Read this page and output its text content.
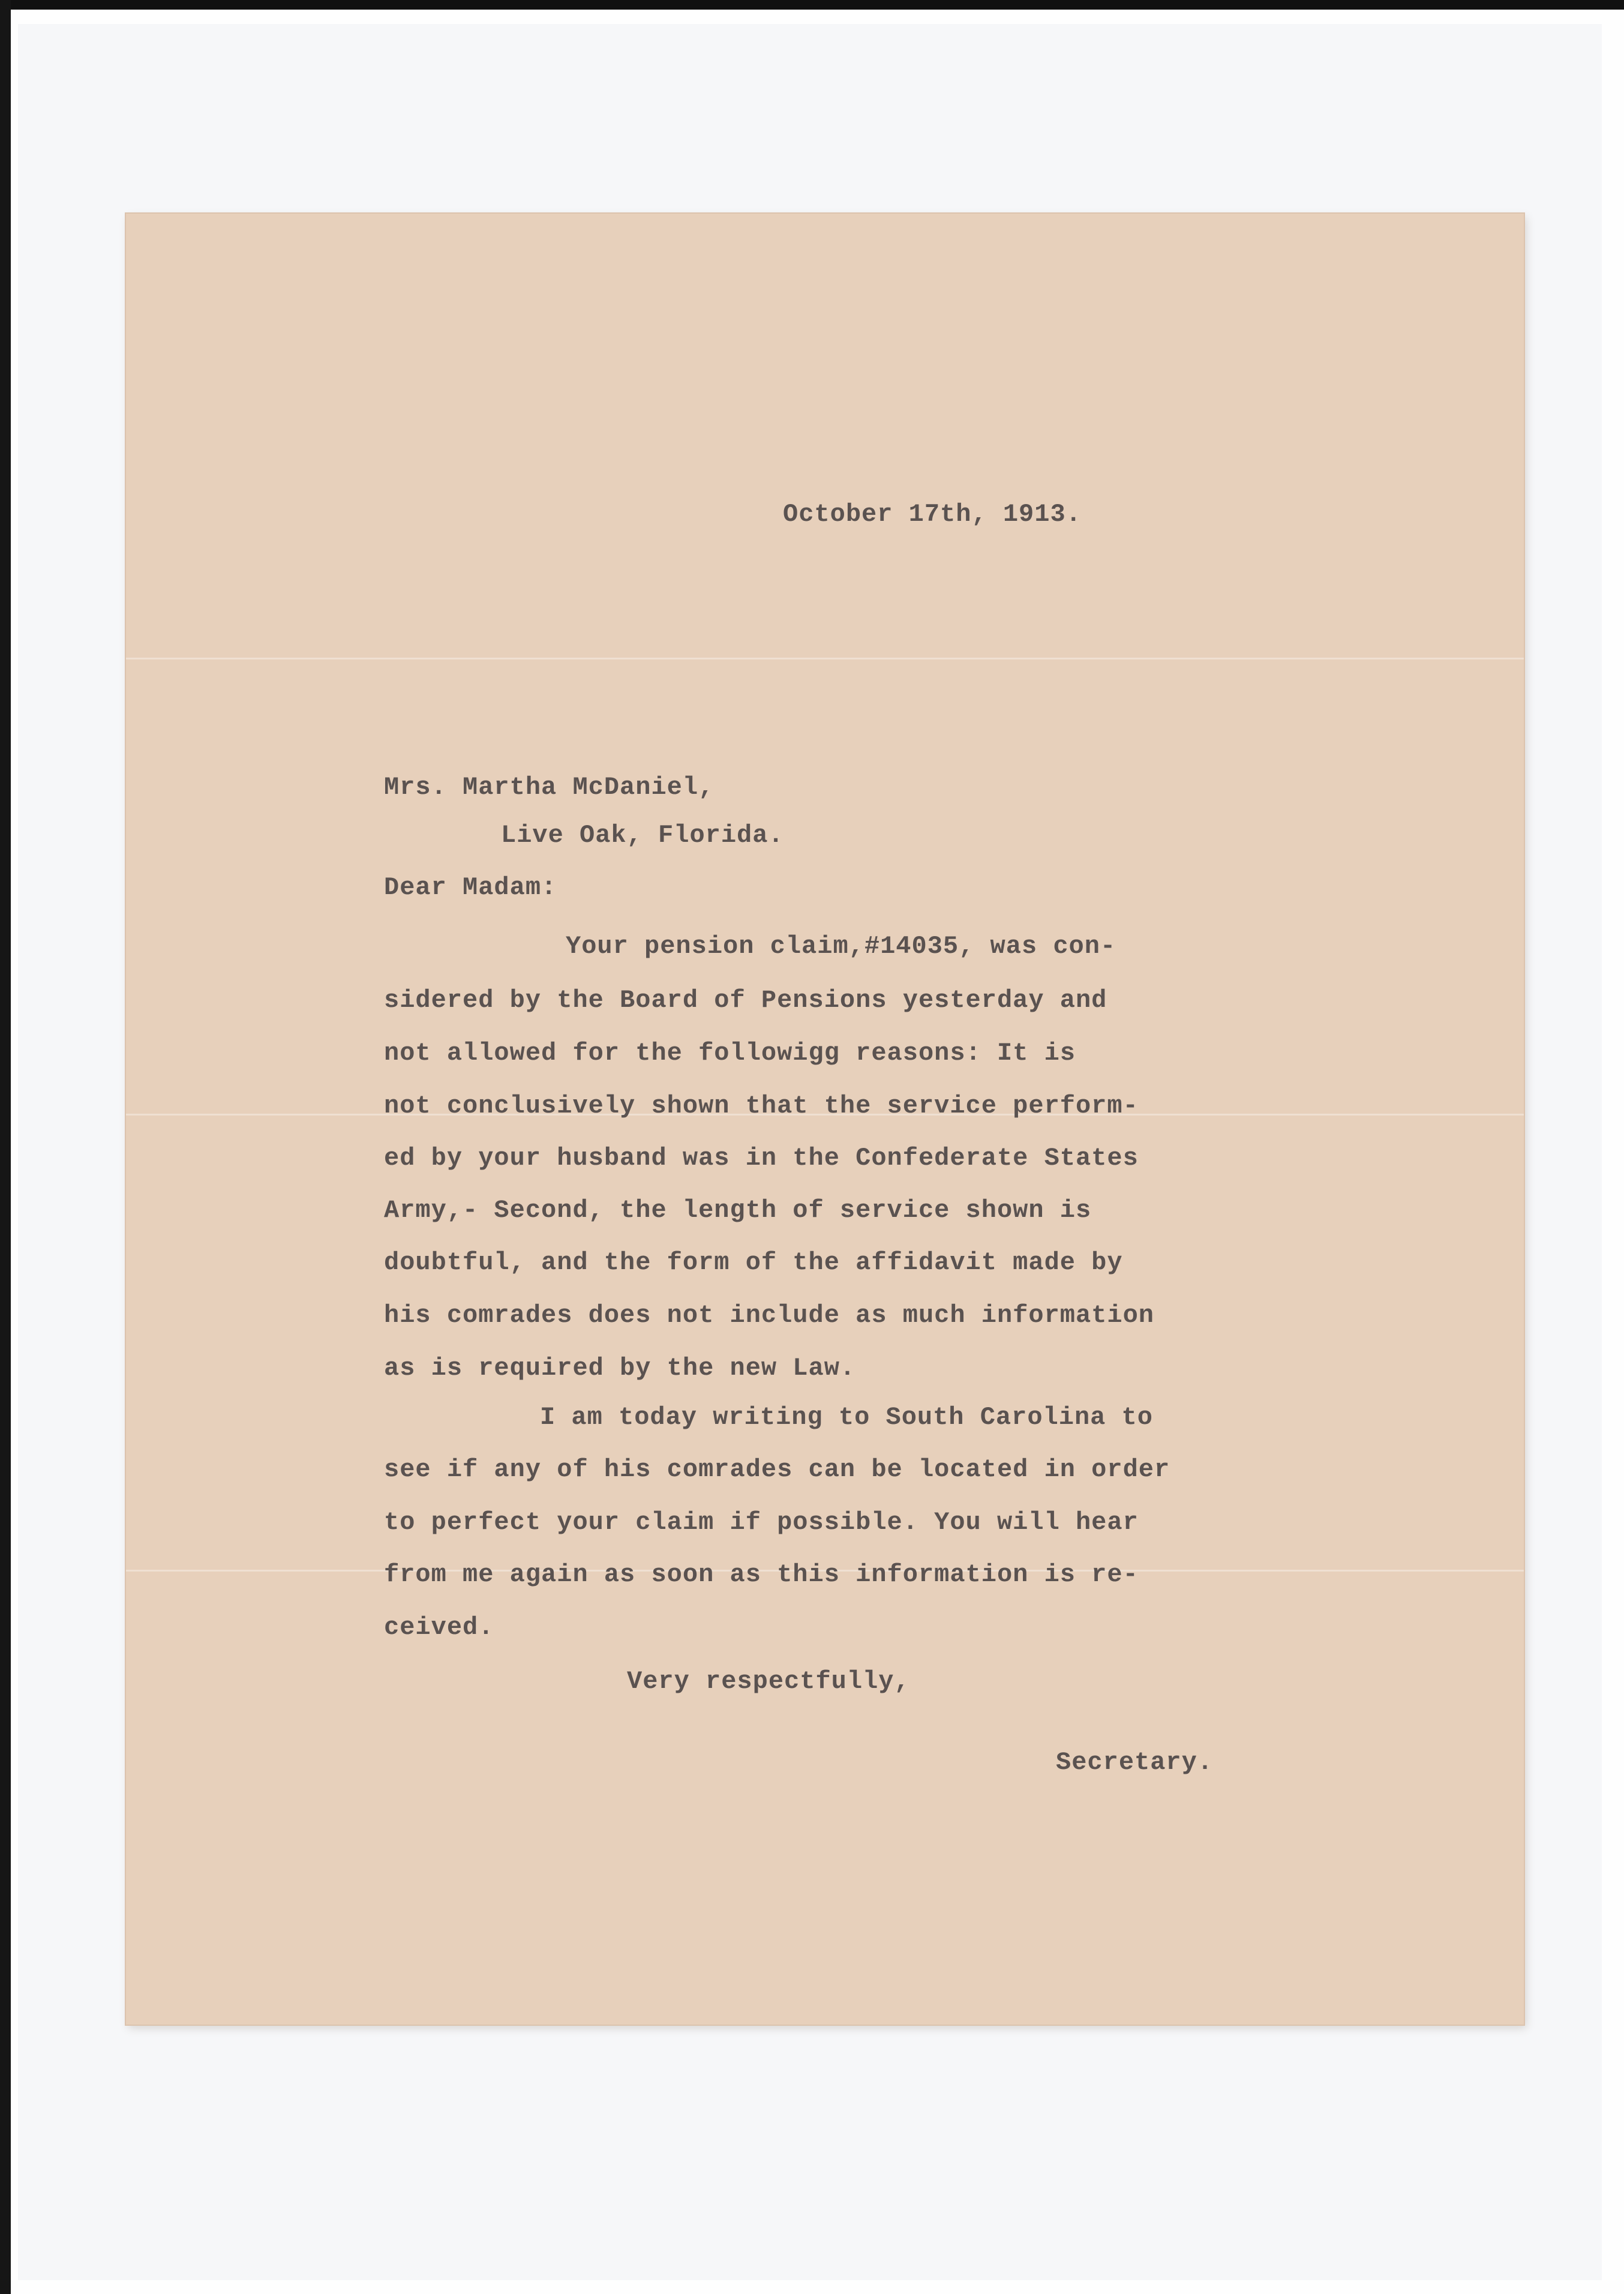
October 17th, 1913.
Mrs. Martha McDaniel,
Live Oak, Florida.
Dear Madam:
Your pension claim,#14035, was con-
sidered by the Board of Pensions yesterday and
not allowed for the followigg reasons: It is
not conclusively shown that the service perform-
ed by your husband was in the Confederate States
Army,- Second, the length of service shown is
doubtful, and the form of the affidavit made by
his comrades does not include as much information
as is required by the new Law.
I am today writing to South Carolina to
see if any of his comrades can be located in order
to perfect your claim if possible. You will hear
from me again as soon as this information is re-
ceived.
Very respectfully,
Secretary.
